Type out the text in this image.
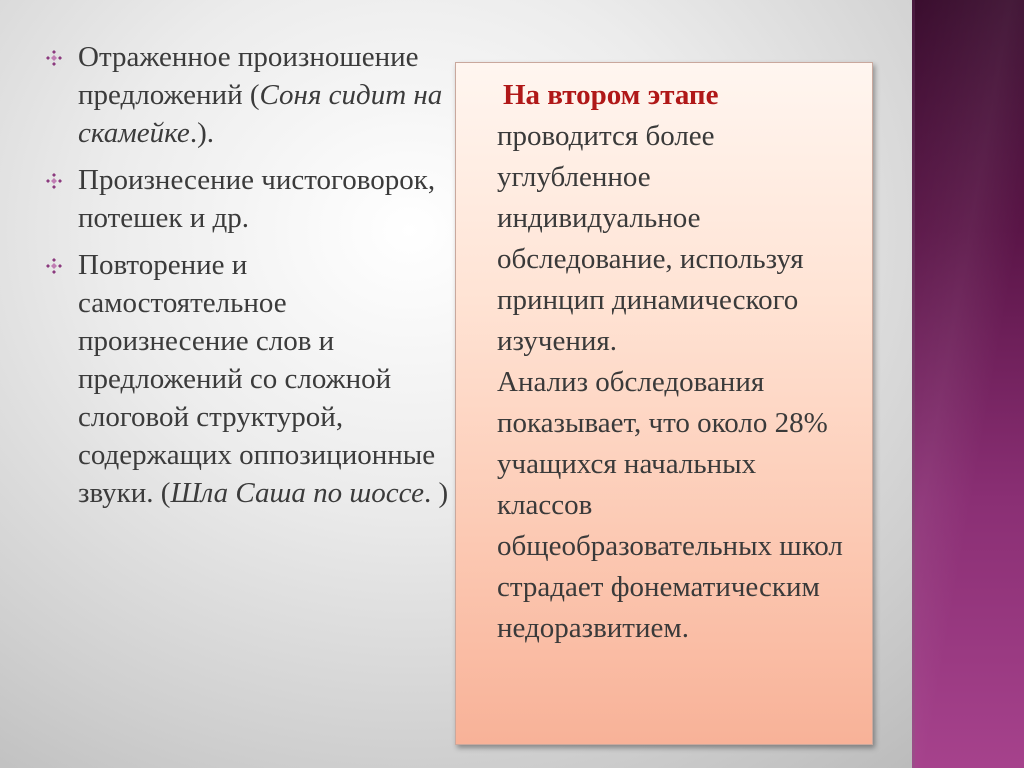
Отраженное произношение предложений (Соня сидит на скамейке.).
Произнесение чистоговорок, потешек и др.
Повторение и самостоятельное произнесение слов и предложений со сложной слоговой структурой, содержащих оппозиционные звуки. (Шла Саша по шоссе. )
На втором этапе
проводится более углубленное индивидуальное обследование, используя принцип динамического изучения.
Анализ обследования показывает, что около 28% учащихся начальных классов общеобразовательных школ страдает фонематическим недоразвитием.
